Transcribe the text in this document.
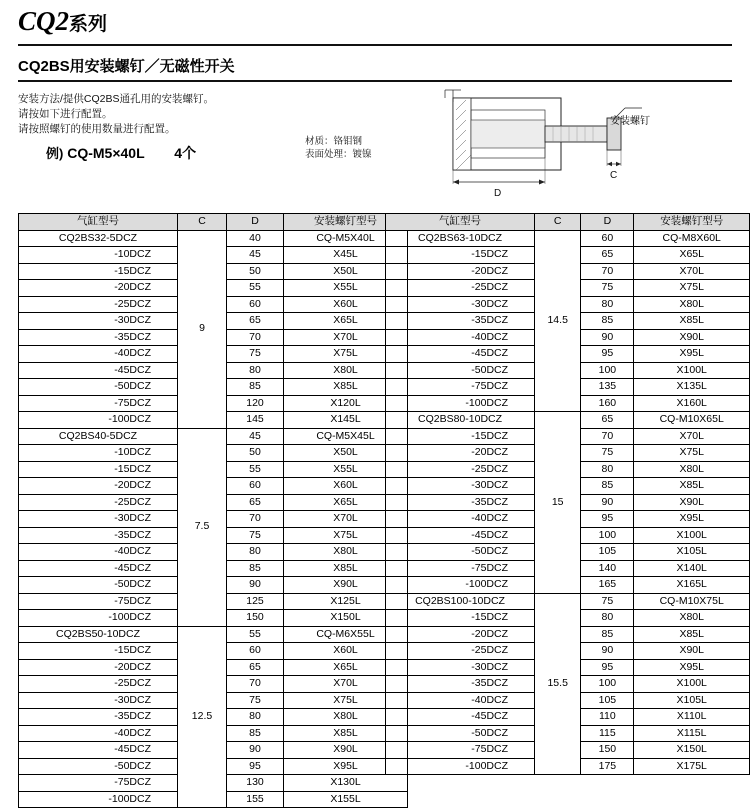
CQ2系列
CQ2BS用安装螺钉／无磁性开关
安装方法/提供CQ2BS通孔用的安装螺钉。
请按如下进行配置。
请按照螺钉的使用数量进行配置。
例) CQ-M5×40L 4个
D
C
安装螺钉
材质：铬钼钢
表面处理：镀镍
气缸型号	C	D	安装螺钉型号
CQ2BS32-5DCZ	9	40	CQ-M5X40L
-10DCZ		45	X45L
-15DCZ		50	X50L
-20DCZ		55	X55L
-25DCZ		60	X60L
-30DCZ		65	X65L
-35DCZ		70	X70L
-40DCZ		75	X75L
-45DCZ		80	X80L
-50DCZ		85	X85L
-75DCZ		120	X120L
-100DCZ		145	X145L
CQ2BS40-5DCZ	7.5	45	CQ-M5X45L
-10DCZ		50	X50L
-15DCZ		55	X55L
-20DCZ		60	X60L
-25DCZ		65	X65L
-30DCZ		70	X70L
-35DCZ		75	X75L
-40DCZ		80	X80L
-45DCZ		85	X85L
-50DCZ		90	X90L
-75DCZ		125	X125L
-100DCZ		150	X150L
CQ2BS50-10DCZ	12.5	55	CQ-M6X55L
-15DCZ		60	X60L
-20DCZ		65	X65L
-25DCZ		70	X70L
-30DCZ		75	X75L
-35DCZ		80	X80L
-40DCZ		85	X85L
-45DCZ		90	X90L
-50DCZ		95	X95L
-75DCZ		130	X130L
-100DCZ		155	X155L
气缸型号	C	D	安装螺钉型号
CQ2BS63-10DCZ	14.5	60	CQ-M8X60L
-15DCZ		65	X65L
-20DCZ		70	X70L
-25DCZ		75	X75L
-30DCZ		80	X80L
-35DCZ		85	X85L
-40DCZ		90	X90L
-45DCZ		95	X95L
-50DCZ		100	X100L
-75DCZ		135	X135L
-100DCZ		160	X160L
CQ2BS80-10DCZ	15	65	CQ-M10X65L
-15DCZ		70	X70L
-20DCZ		75	X75L
-25DCZ		80	X80L
-30DCZ		85	X85L
-35DCZ		90	X90L
-40DCZ		95	X95L
-45DCZ		100	X100L
-50DCZ		105	X105L
-75DCZ		140	X140L
-100DCZ		165	X165L
CQ2BS100-10DCZ	15.5	75	CQ-M10X75L
-15DCZ		80	X80L
-20DCZ		85	X85L
-25DCZ		90	X90L
-30DCZ		95	X95L
-35DCZ		100	X100L
-40DCZ		105	X105L
-45DCZ		110	X110L
-50DCZ		115	X115L
-75DCZ		150	X150L
-100DCZ		175	X175L
